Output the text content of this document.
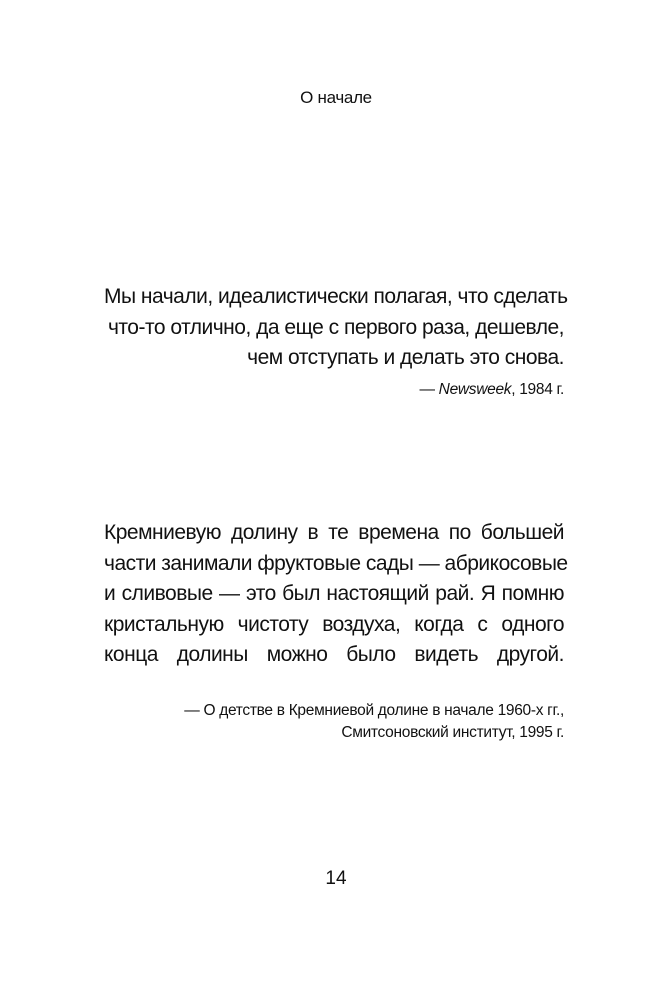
О начале

Мы начали, идеалистически полагая, что сделать
что-то отлично, да еще с первого раза, дешевле,
чем отступать и делать это снова.

— Newsweek, 1984 г.

Кремниевую долину в те времена по большей
части занимали фруктовые сады — абрикосовые
и сливовые — это был настоящий рай. Я помню
кристальную чистоту воздуха, когда с одного
конца долины можно было видеть другой.

— О детстве в Кремниевой долине в начале 1960-х гг.,
Смитсоновский институт, 1995 г.
14
